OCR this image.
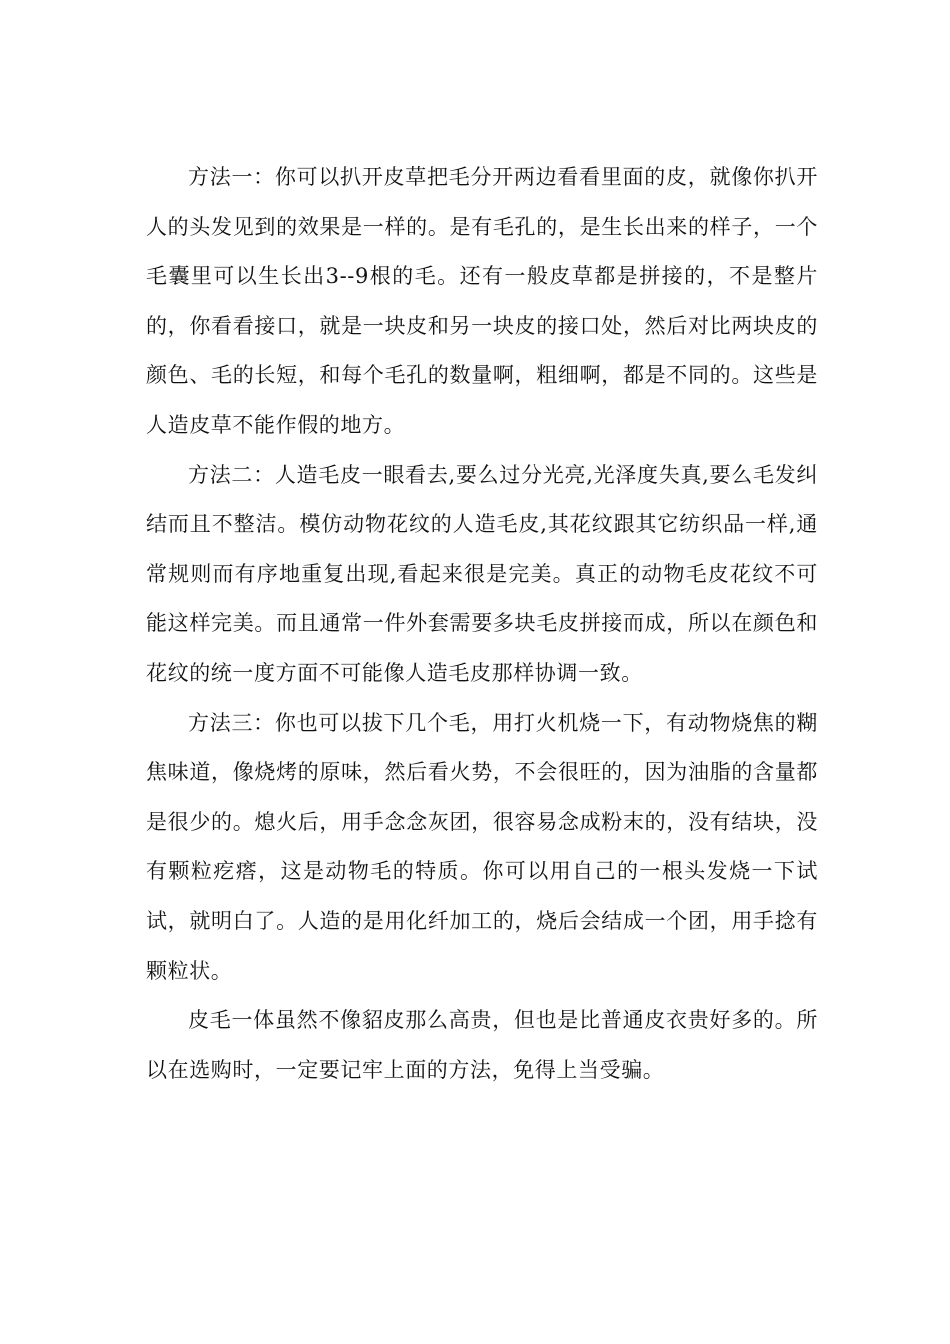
方法一：你可以扒开皮草把毛分开两边看看里面的皮，就像你扒开人的头发见到的效果是一样的。是有毛孔的，是生长出来的样子，一个毛囊里可以生长出3--9根的毛。还有一般皮草都是拼接的，不是整片的，你看看接口，就是一块皮和另一块皮的接口处，然后对比两块皮的颜色、毛的长短，和每个毛孔的数量啊，粗细啊，都是不同的。这些是人造皮草不能作假的地方。

方法二：人造毛皮一眼看去,要么过分光亮,光泽度失真,要么毛发纠结而且不整洁。模仿动物花纹的人造毛皮,其花纹跟其它纺织品一样,通常规则而有序地重复出现,看起来很是完美。真正的动物毛皮花纹不可能这样完美。而且通常一件外套需要多块毛皮拼接而成，所以在颜色和花纹的统一度方面不可能像人造毛皮那样协调一致。

方法三：你也可以拔下几个毛，用打火机烧一下，有动物烧焦的糊焦味道，像烧烤的原味，然后看火势，不会很旺的，因为油脂的含量都是很少的。熄火后，用手念念灰团，很容易念成粉末的，没有结块，没有颗粒疙瘩，这是动物毛的特质。你可以用自己的一根头发烧一下试试，就明白了。人造的是用化纤加工的，烧后会结成一个团，用手捻有颗粒状。

皮毛一体虽然不像貂皮那么高贵，但也是比普通皮衣贵好多的。所以在选购时，一定要记牢上面的方法，免得上当受骗。
